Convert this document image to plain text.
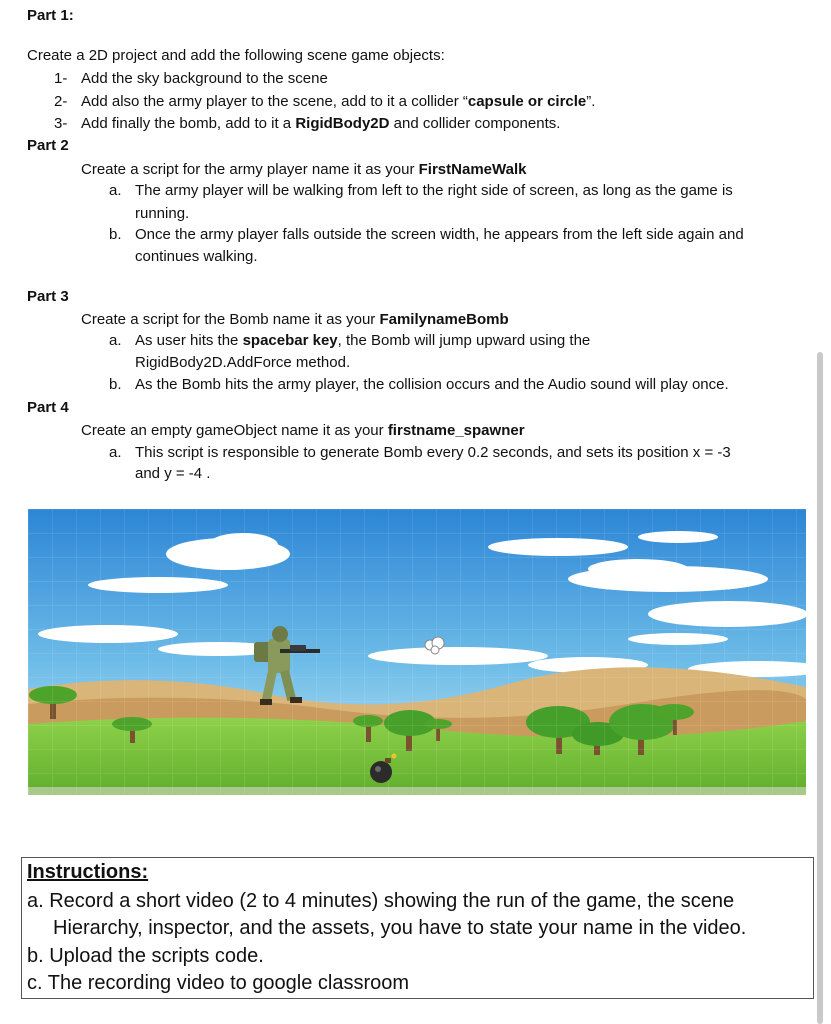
Part 1:
Create a 2D project and add the following scene game objects:
1- Add the sky background to the scene
2- Add also the army player to the scene, add to it a collider “capsule or circle”.
3- Add finally the bomb, add to it a RigidBody2D and collider components.
Part 2
Create a script for the army player name it as your FirstNameWalk
a. The army player will be walking from left to the right side of screen, as long as the game is
running.
b. Once the army player falls outside the screen width, he appears from the left side again and
continues walking.
Part 3
Create a script for the Bomb name it as your FamilynameBomb
a. As user hits the spacebar key, the Bomb will jump upward using the
RigidBody2D.AddForce method.
b. As the Bomb hits the army player, the collision occurs and the Audio sound will play once.
Part 4
Create an empty gameObject name it as your firstname_spawner
a. This script is responsible to generate Bomb every 0.2 seconds, and sets its position x = -3
and y = -4 .
Instructions:
a. Record a short video (2 to 4 minutes) showing the run of the game, the scene
Hierarchy, inspector, and the assets, you have to state your name in the video.
b. Upload the scripts code.
c. The recording video to google classroom
